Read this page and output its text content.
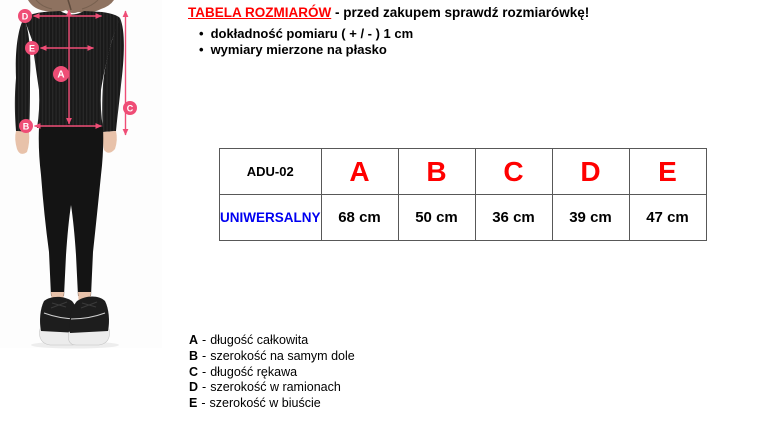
A
B
C
D
E
TABELA ROZMIARÓW - przed zakupem sprawdź rozmiarówkę!
• dokładność pomiaru ( + / - ) 1 cm
• wymiary mierzone na płasko
ADU-02	A	B	C	D	E
UNIWERSALNY	68 cm	50 cm	36 cm	39 cm	47 cm
A - długość całkowita
B - szerokość na samym dole
C - długość rękawa
D - szerokość w ramionach
E - szerokość w biuście
